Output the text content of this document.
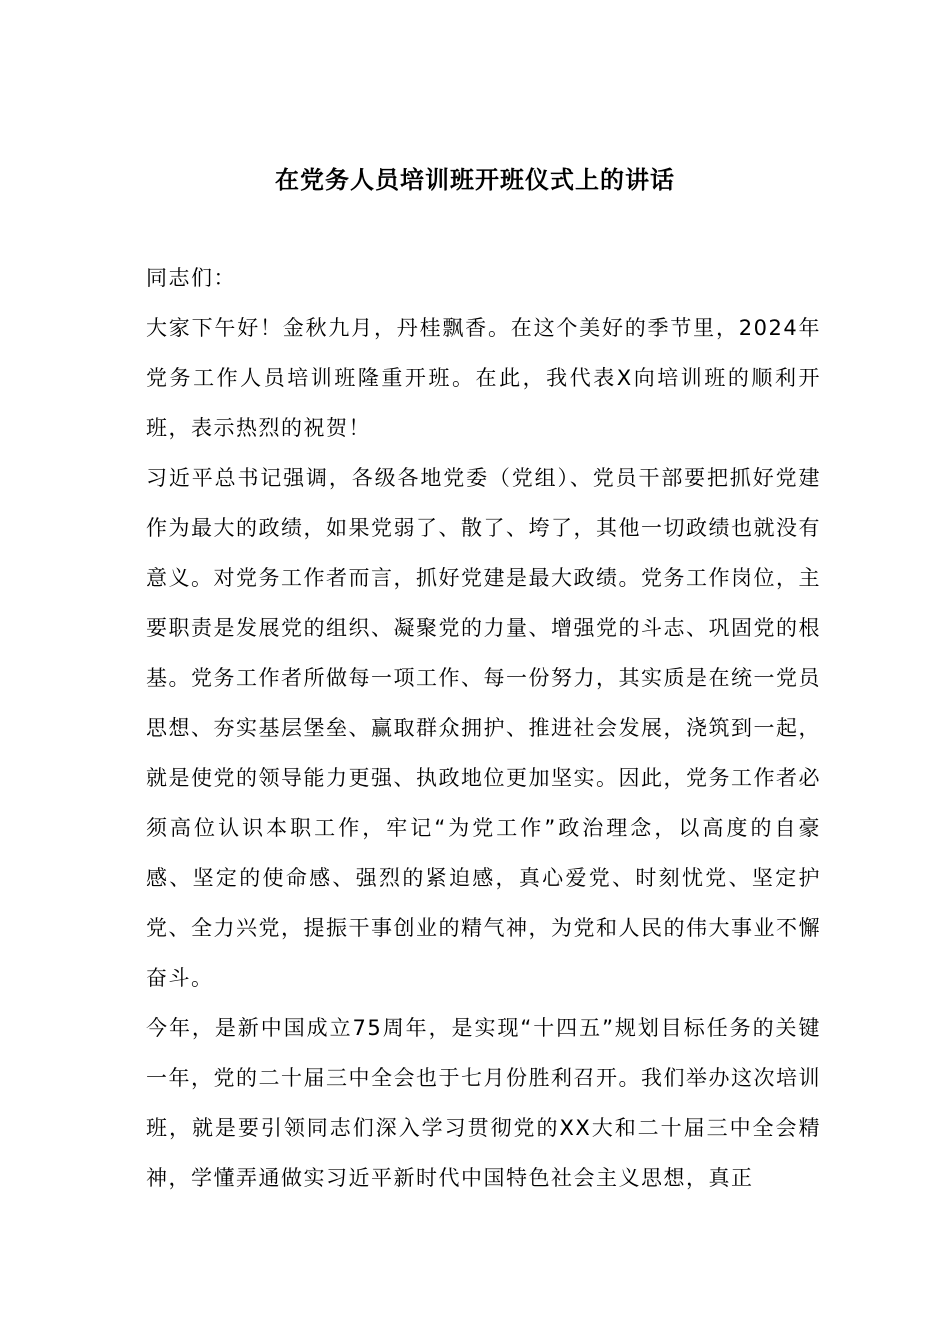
在党务人员培训班开班仪式上的讲话

同志们：

大家下午好！金秋九月，丹桂飘香。在这个美好的季节里，2024年党务工作人员培训班隆重开班。在此，我代表X向培训班的顺利开班，表示热烈的祝贺！

习近平总书记强调，各级各地党委（党组）、党员干部要把抓好党建作为最大的政绩，如果党弱了、散了、垮了，其他一切政绩也就没有意义。对党务工作者而言，抓好党建是最大政绩。党务工作岗位，主要职责是发展党的组织、凝聚党的力量、增强党的斗志、巩固党的根基。党务工作者所做每一项工作、每一份努力，其实质是在统一党员思想、夯实基层堡垒、赢取群众拥护、推进社会发展，浇筑到一起，就是使党的领导能力更强、执政地位更加坚实。因此，党务工作者必须高位认识本职工作，牢记“为党工作”政治理念，以高度的自豪感、坚定的使命感、强烈的紧迫感，真心爱党、时刻忧党、坚定护党、全力兴党，提振干事创业的精气神，为党和人民的伟大事业不懈奋斗。

今年，是新中国成立75周年，是实现“十四五”规划目标任务的关键一年，党的二十届三中全会也于七月份胜利召开。我们举办这次培训班，就是要引领同志们深入学习贯彻党的XX大和二十届三中全会精神，学懂弄通做实习近平新时代中国特色社会主义思想，真正
